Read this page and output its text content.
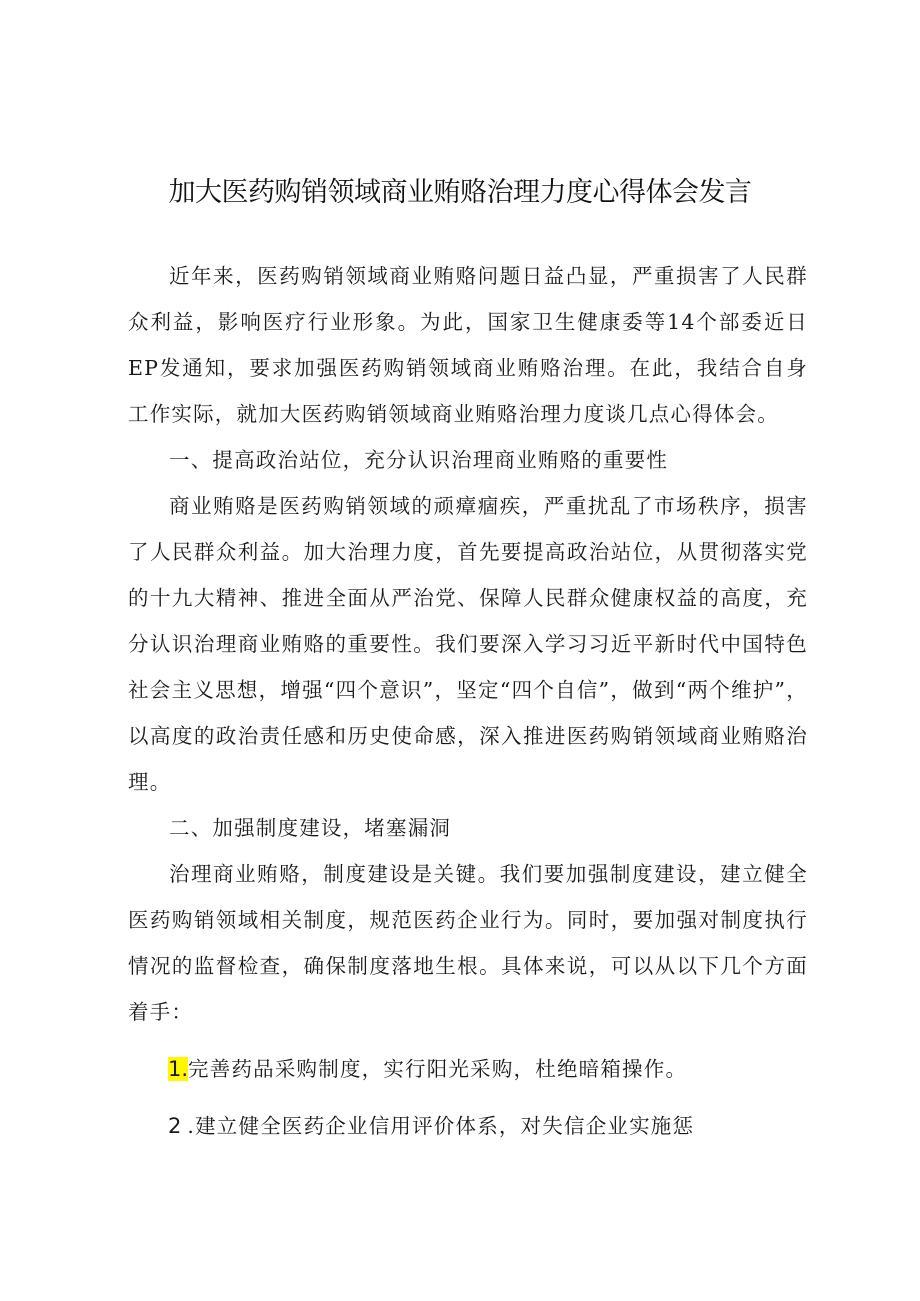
加大医药购销领域商业贿赂治理力度心得体会发言

近年来，医药购销领域商业贿赂问题日益凸显，严重损害了人民群众利益，影响医疗行业形象。为此，国家卫生健康委等14个部委近日EP发通知，要求加强医药购销领域商业贿赂治理。在此，我结合自身工作实际，就加大医药购销领域商业贿赂治理力度谈几点心得体会。

一、提高政治站位，充分认识治理商业贿赂的重要性

商业贿赂是医药购销领域的顽瘴痼疾，严重扰乱了市场秩序，损害了人民群众利益。加大治理力度，首先要提高政治站位，从贯彻落实党的十九大精神、推进全面从严治党、保障人民群众健康权益的高度，充分认识治理商业贿赂的重要性。我们要深入学习习近平新时代中国特色社会主义思想，增强“四个意识”，坚定“四个自信”，做到“两个维护”，以高度的政治责任感和历史使命感，深入推进医药购销领域商业贿赂治理。

二、加强制度建设，堵塞漏洞

治理商业贿赂，制度建设是关键。我们要加强制度建设，建立健全医药购销领域相关制度，规范医药企业行为。同时，要加强对制度执行情况的监督检查，确保制度落地生根。具体来说，可以从以下几个方面着手：

1.完善药品采购制度，实行阳光采购，杜绝暗箱操作。

2 .建立健全医药企业信用评价体系，对失信企业实施惩
